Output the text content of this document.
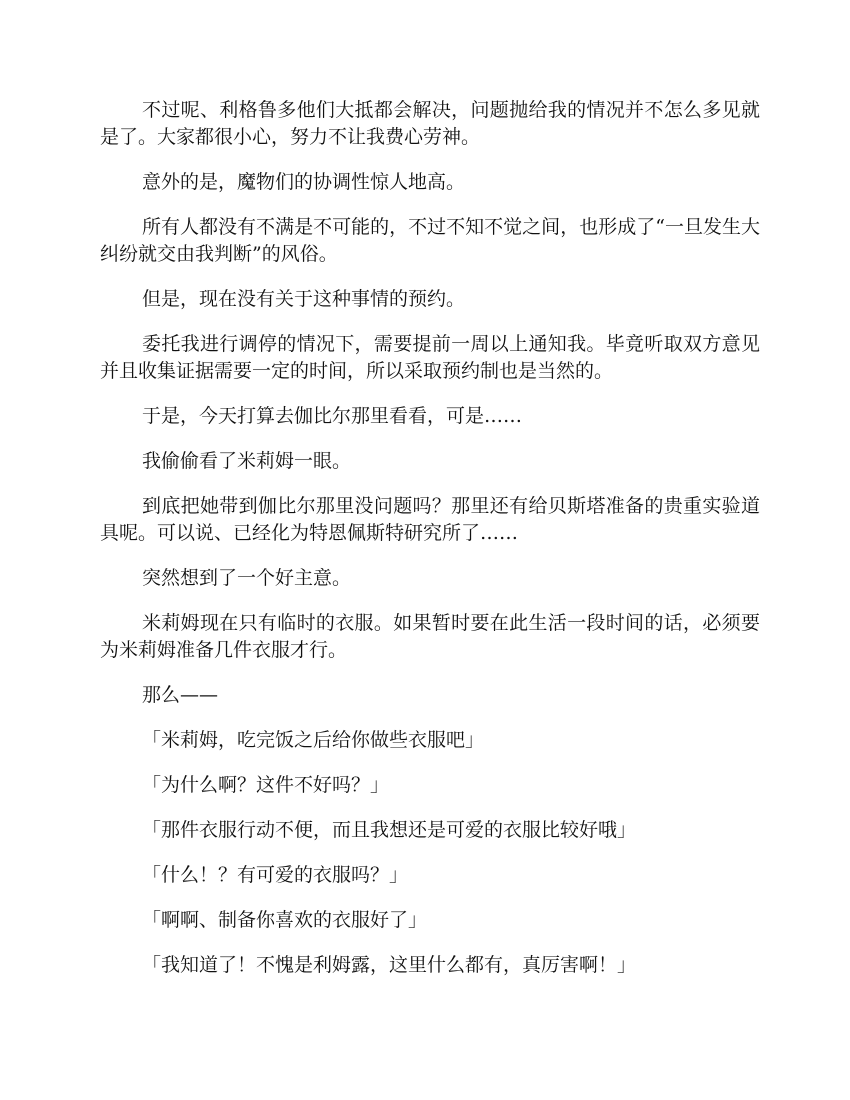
不过呢、利格鲁多他们大抵都会解决，问题抛给我的情况并不怎么多见就是了。大家都很小心，努力不让我费心劳神。

意外的是，魔物们的协调性惊人地高。

所有人都没有不满是不可能的，不过不知不觉之间，也形成了“一旦发生大纠纷就交由我判断”的风俗。

但是，现在没有关于这种事情的预约。

委托我进行调停的情况下，需要提前一周以上通知我。毕竟听取双方意见并且收集证据需要一定的时间，所以采取预约制也是当然的。

于是，今天打算去伽比尔那里看看，可是……

我偷偷看了米莉姆一眼。

到底把她带到伽比尔那里没问题吗？那里还有给贝斯塔准备的贵重实验道具呢。可以说、已经化为特恩佩斯特研究所了……

突然想到了一个好主意。

米莉姆现在只有临时的衣服。如果暂时要在此生活一段时间的话，必须要为米莉姆准备几件衣服才行。

那么——

「米莉姆，吃完饭之后给你做些衣服吧」

「为什么啊？这件不好吗？」

「那件衣服行动不便，而且我想还是可爱的衣服比较好哦」

「什么！？有可爱的衣服吗？」

「啊啊、制备你喜欢的衣服好了」

「我知道了！不愧是利姆露，这里什么都有，真厉害啊！」
